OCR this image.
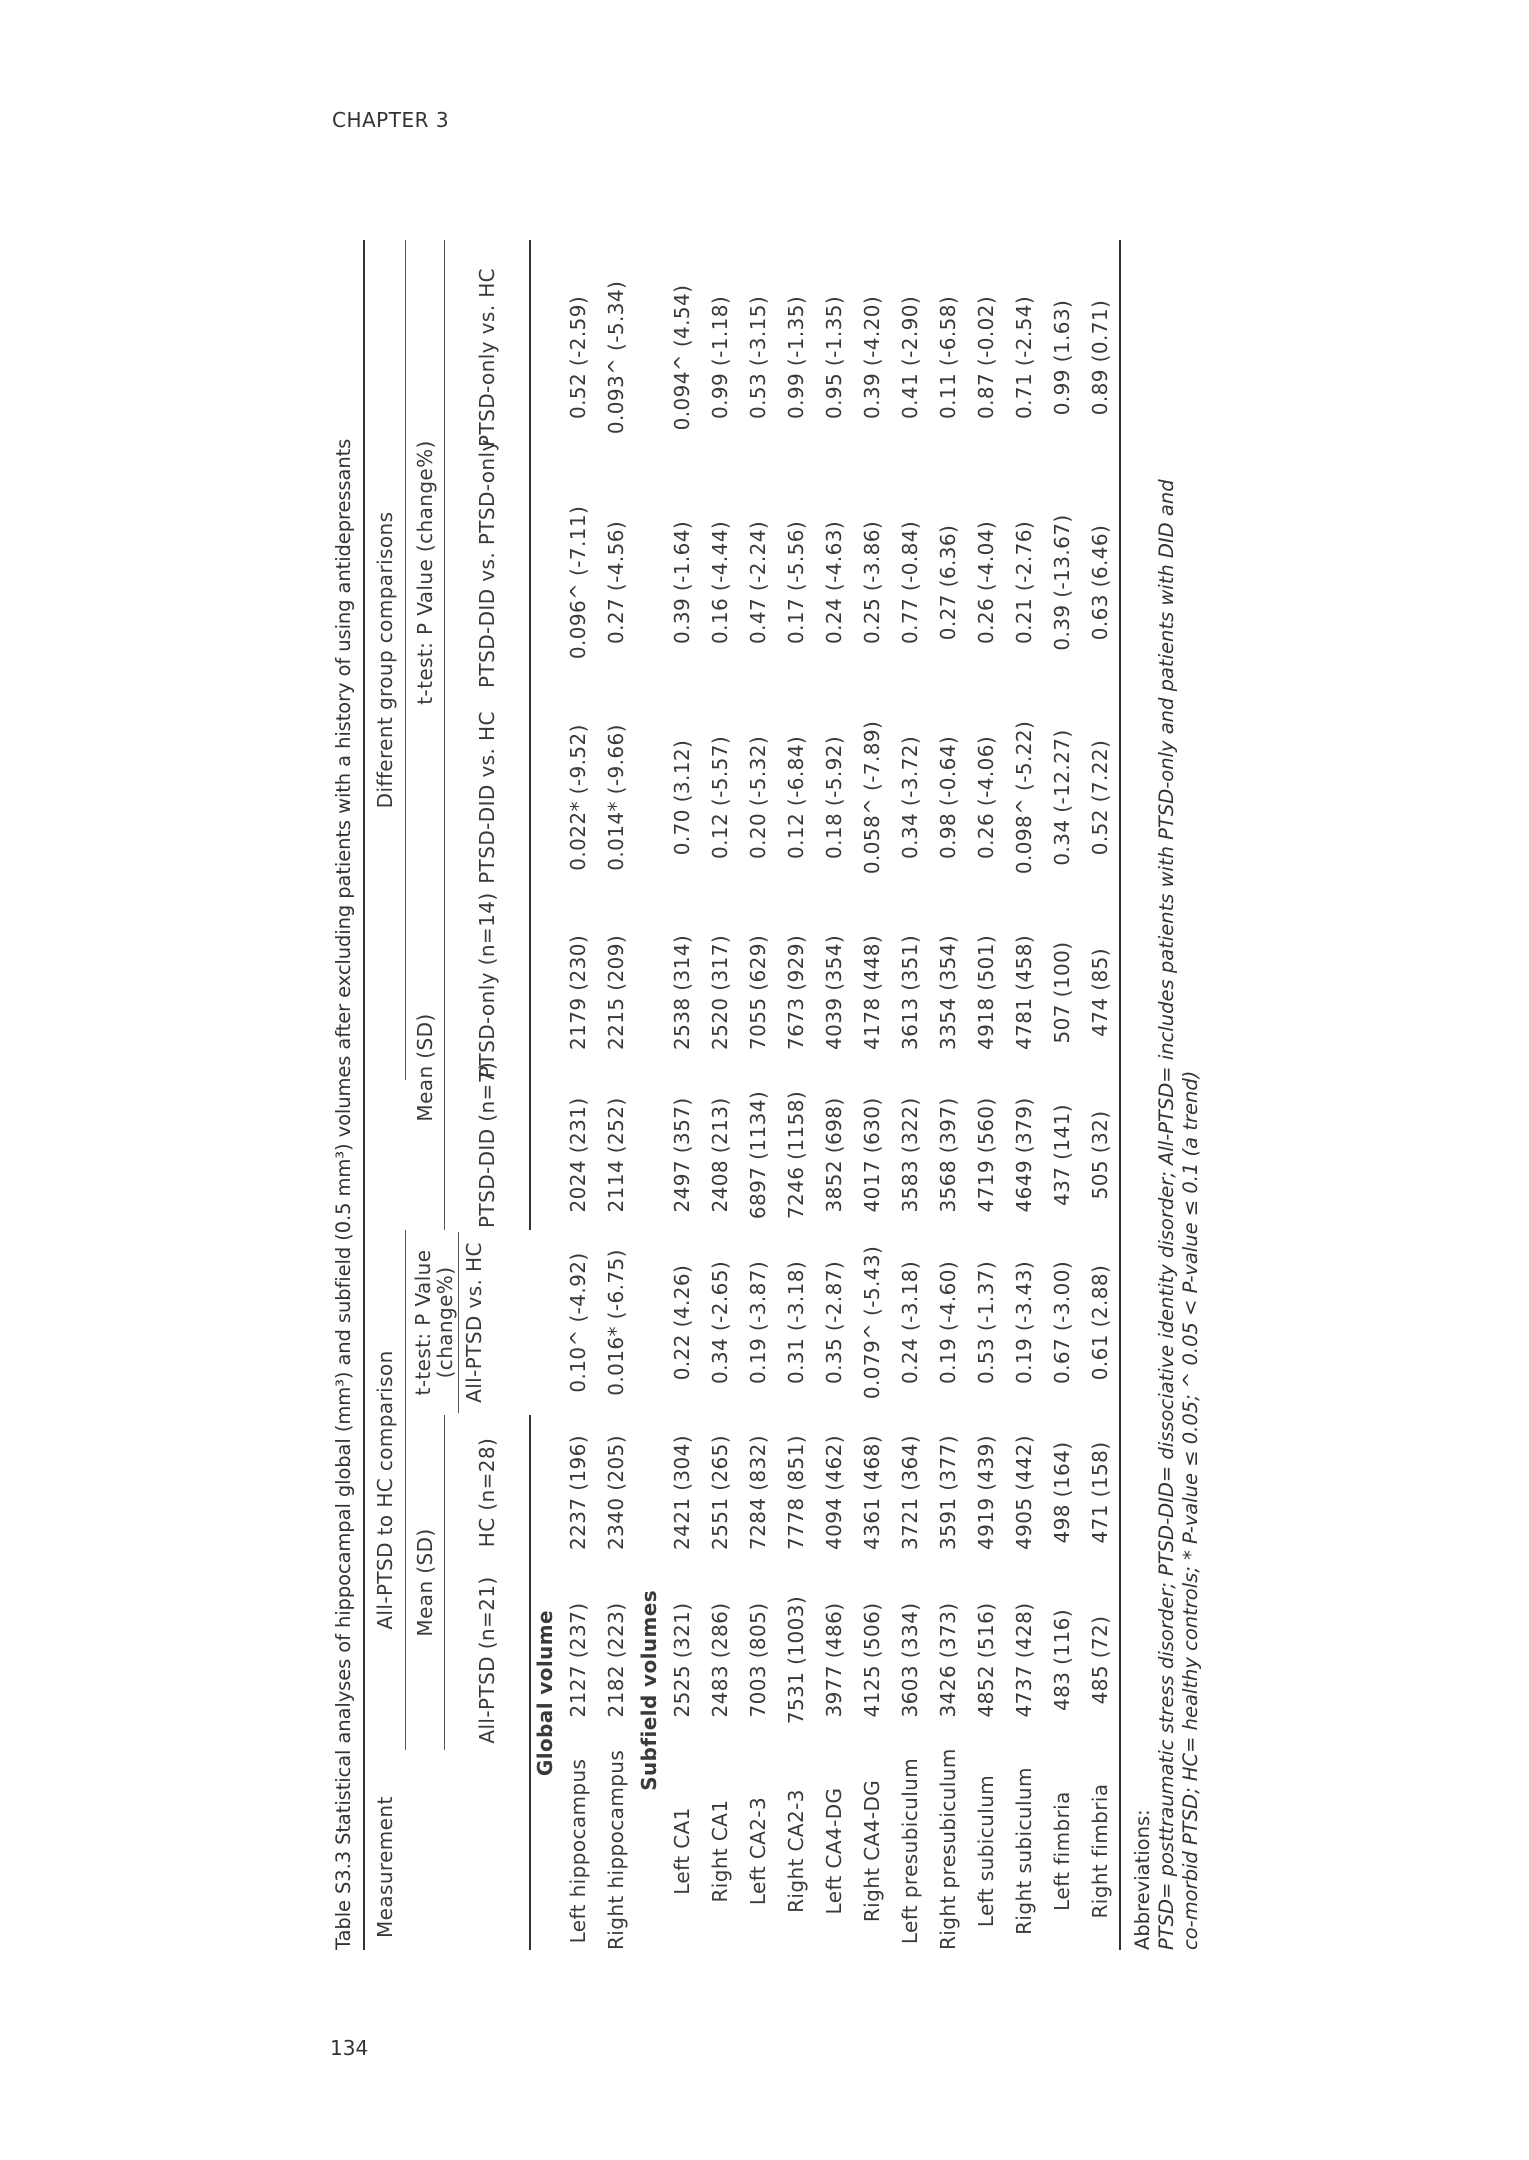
CHAPTER 3
134
Table S3.3 Statistical analyses of hippocampal global (mm³) and subfield (0.5 mm³) volumes after excluding patients with a history of using antidepressants Measurement	All-PTSD to HC comparison				Different group comparisons			
	Mean (SD)		t-test: P Value (change%) All-PTSD vs. HC	Mean (SD)		t-test: P Value (change%)		
	All-PTSD (n=21)	HC (n=28)		PTSD-DID (n=7)	PTSD-only (n=14)	PTSD-DID vs. HC	PTSD-DID vs. PTSD-only	PTSD-only vs. HC
Global volume								
Left hippocampus	2127 (237)	2237 (196)	0.10^ (-4.92)	2024 (231)	2179 (230)	0.022* (-9.52)	0.096^ (-7.11)	0.52 (-2.59)
Right hippocampus	2182 (223)	2340 (205)	0.016* (-6.75)	2114 (252)	2215 (209)	0.014* (-9.66)	0.27 (-4.56)	0.093^ (-5.34)
Subfield volumes								
Left CA1	2525 (321)	2421 (304)	0.22 (4.26)	2497 (357)	2538 (314)	0.70 (3.12)	0.39 (-1.64)	0.094^ (4.54)
Right CA1	2483 (286)	2551 (265)	0.34 (-2.65)	2408 (213)	2520 (317)	0.12 (-5.57)	0.16 (-4.44)	0.99 (-1.18)
Left CA2-3	7003 (805)	7284 (832)	0.19 (-3.87)	6897 (1134)	7055 (629)	0.20 (-5.32)	0.47 (-2.24)	0.53 (-3.15)
Right CA2-3	7531 (1003)	7778 (851)	0.31 (-3.18)	7246 (1158)	7673 (929)	0.12 (-6.84)	0.17 (-5.56)	0.99 (-1.35)
Left CA4-DG	3977 (486)	4094 (462)	0.35 (-2.87)	3852 (698)	4039 (354)	0.18 (-5.92)	0.24 (-4.63)	0.95 (-1.35)
Right CA4-DG	4125 (506)	4361 (468)	0.079^ (-5.43)	4017 (630)	4178 (448)	0.058^ (-7.89)	0.25 (-3.86)	0.39 (-4.20)
Left presubiculum	3603 (334)	3721 (364)	0.24 (-3.18)	3583 (322)	3613 (351)	0.34 (-3.72)	0.77 (-0.84)	0.41 (-2.90)
Right presubiculum	3426 (373)	3591 (377)	0.19 (-4.60)	3568 (397)	3354 (354)	0.98 (-0.64)	0.27 (6.36)	0.11 (-6.58)
Left subiculum	4852 (516)	4919 (439)	0.53 (-1.37)	4719 (560)	4918 (501)	0.26 (-4.06)	0.26 (-4.04)	0.87 (-0.02)
Right subiculum	4737 (428)	4905 (442)	0.19 (-3.43)	4649 (379)	4781 (458)	0.098^ (-5.22)	0.21 (-2.76)	0.71 (-2.54)
Left fimbria	483 (116)	498 (164)	0.67 (-3.00)	437 (141)	507 (100)	0.34 (-12.27)	0.39 (-13.67)	0.99 (1.63)
Right fimbria	485 (72)	471 (158)	0.61 (2.88)	505 (32)	474 (85)	0.52 (7.22)	0.63 (6.46)	0.89 (0.71)
Abbreviations: PTSD= posttraumatic stress disorder; PTSD-DID= dissociative identity disorder; All-PTSD= includes patients with PTSD-only and patients with DID and co-morbid PTSD; HC= healthy controls; * P-value ≤ 0.05; ^ 0.05 < P-value ≤ 0.1 (a trend)
